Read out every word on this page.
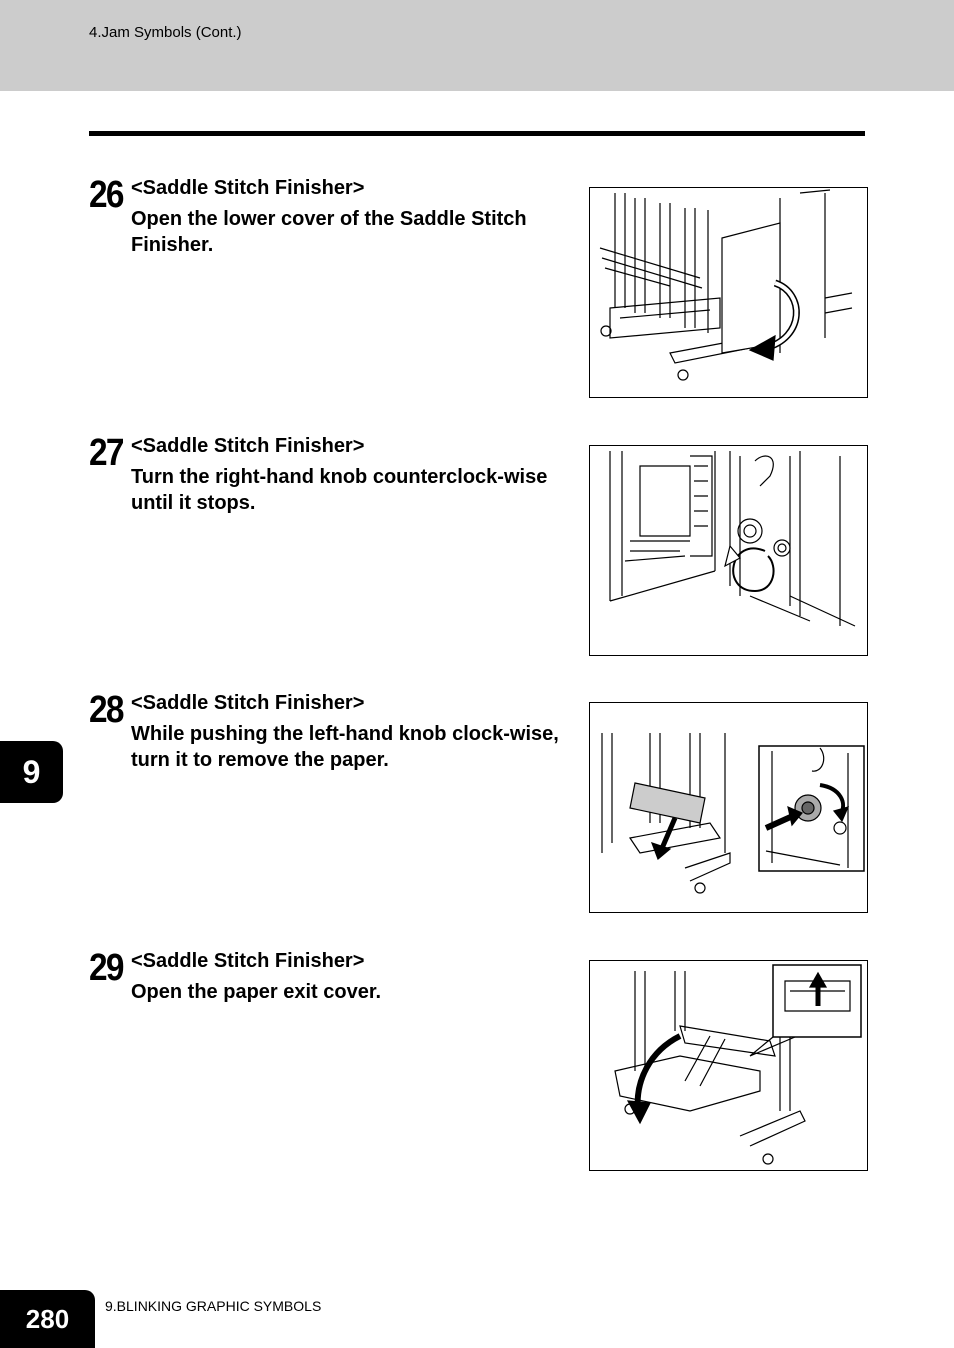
4.Jam Symbols (Cont.)
26 <Saddle Stitch Finisher>
Open the lower cover of the Saddle Stitch Finisher.
27 <Saddle Stitch Finisher>
Turn the right-hand knob counterclock-wise until it stops.
28 <Saddle Stitch Finisher>
While pushing the left-hand knob clock-wise, turn it to remove the paper.
29 <Saddle Stitch Finisher>
Open the paper exit cover.
9
280	9.BLINKING GRAPHIC SYMBOLS
